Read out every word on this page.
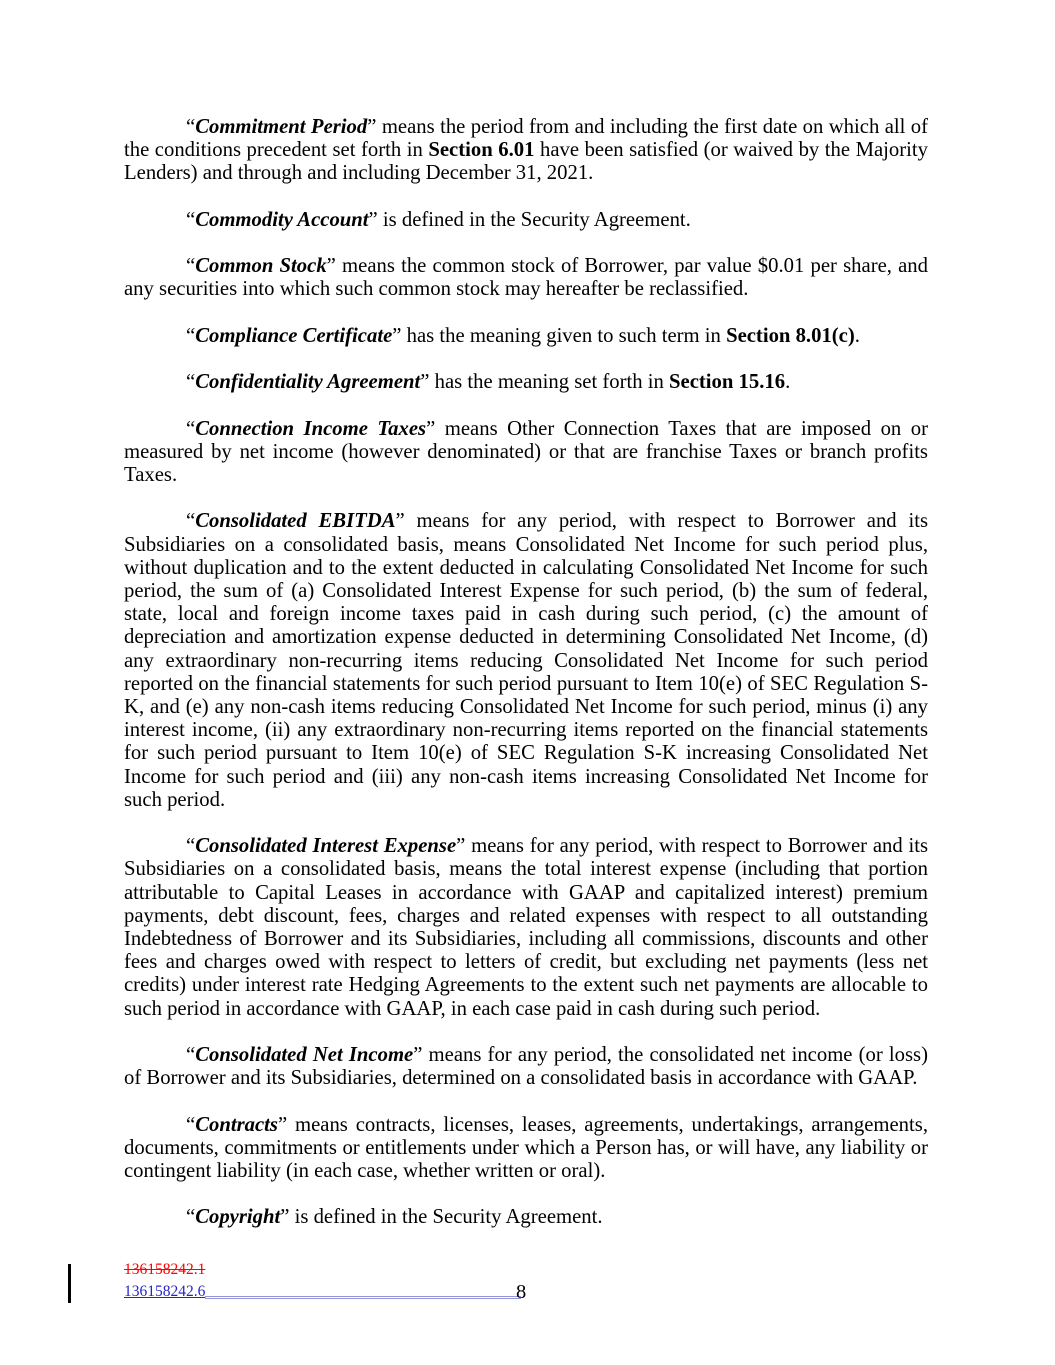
“Commitment Period” means the period from and including the first date on which all of the conditions precedent set forth in Section 6.01 have been satisfied (or waived by the Majority Lenders) and through and including December 31, 2021.

“Commodity Account” is defined in the Security Agreement.

“Common Stock” means the common stock of Borrower, par value $0.01 per share, and any securities into which such common stock may hereafter be reclassified.

“Compliance Certificate” has the meaning given to such term in Section 8.01(c).

“Confidentiality Agreement” has the meaning set forth in Section 15.16.

“Connection Income Taxes” means Other Connection Taxes that are imposed on or measured by net income (however denominated) or that are franchise Taxes or branch profits Taxes.

“Consolidated EBITDA” means for any period, with respect to Borrower and its Subsidiaries on a consolidated basis, means Consolidated Net Income for such period plus, without duplication and to the extent deducted in calculating Consolidated Net Income for such period, the sum of (a) Consolidated Interest Expense for such period, (b) the sum of federal, state, local and foreign income taxes paid in cash during such period, (c) the amount of depreciation and amortization expense deducted in determining Consolidated Net Income, (d) any extraordinary non-recurring items reducing Consolidated Net Income for such period reported on the financial statements for such period pursuant to Item 10(e) of SEC Regulation S-K, and (e) any non-cash items reducing Consolidated Net Income for such period, minus (i) any interest income, (ii) any extraordinary non-recurring items reported on the financial statements for such period pursuant to Item 10(e) of SEC Regulation S-K increasing Consolidated Net Income for such period and (iii) any non-cash items increasing Consolidated Net Income for such period.

“Consolidated Interest Expense” means for any period, with respect to Borrower and its Subsidiaries on a consolidated basis, means the total interest expense (including that portion attributable to Capital Leases in accordance with GAAP and capitalized interest) premium payments, debt discount, fees, charges and related expenses with respect to all outstanding Indebtedness of Borrower and its Subsidiaries, including all commissions, discounts and other fees and charges owed with respect to letters of credit, but excluding net payments (less net credits) under interest rate Hedging Agreements to the extent such net payments are allocable to such period in accordance with GAAP, in each case paid in cash during such period.

“Consolidated Net Income” means for any period, the consolidated net income (or loss) of Borrower and its Subsidiaries, determined on a consolidated basis in accordance with GAAP.

“Contracts” means contracts, licenses, leases, agreements, undertakings, arrangements, documents, commitments or entitlements under which a Person has, or will have, any liability or contingent liability (in each case, whether written or oral).

“Copyright” is defined in the Security Agreement.

136158242.1
136158242.6	8
